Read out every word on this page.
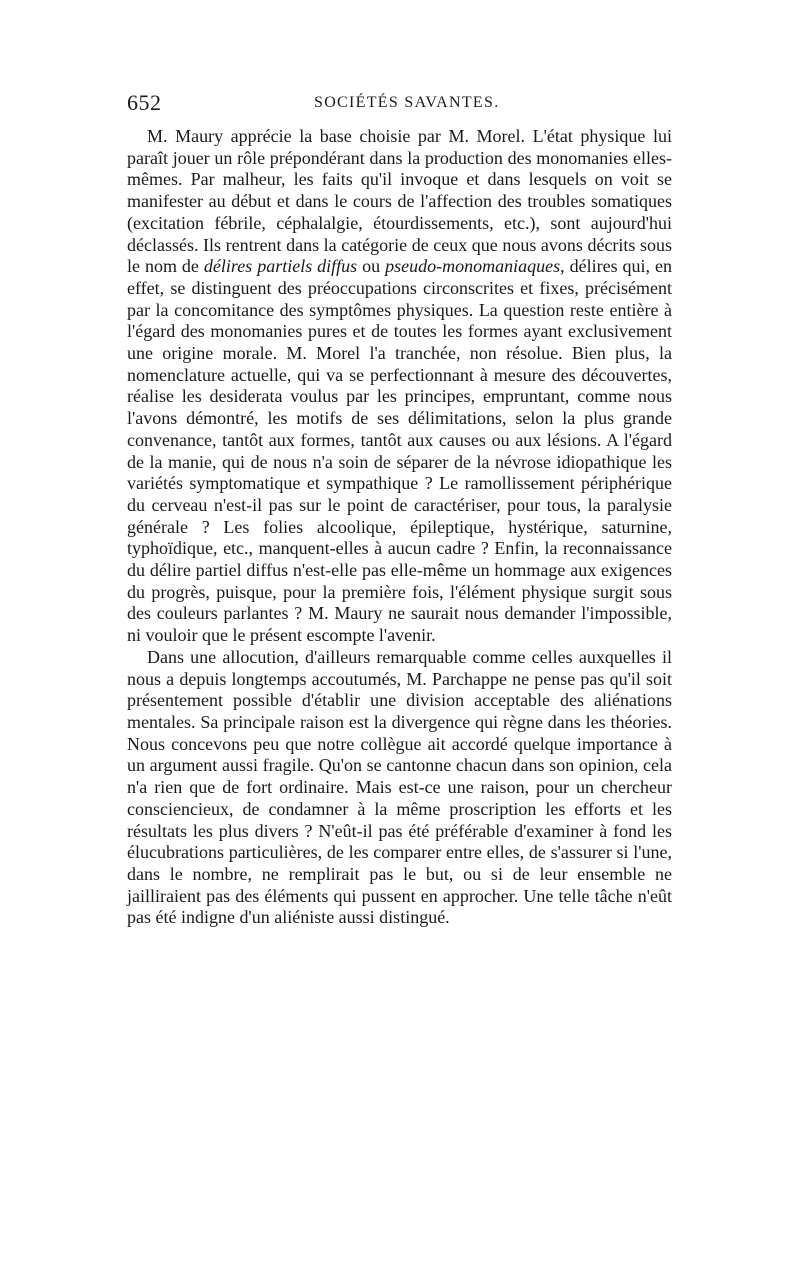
652	SOCIÉTÉS SAVANTES.

M. Maury apprécie la base choisie par M. Morel. L'état physique lui paraît jouer un rôle prépondérant dans la production des monomanies elles-mêmes. Par malheur, les faits qu'il invoque et dans lesquels on voit se manifester au début et dans le cours de l'affection des troubles somatiques (excitation fébrile, céphalalgie, étourdissements, etc.), sont aujourd'hui déclassés. Ils rentrent dans la catégorie de ceux que nous avons décrits sous le nom de délires partiels diffus ou pseudo-monomaniaques, délires qui, en effet, se distinguent des préoccupations circonscrites et fixes, précisément par la concomitance des symptômes physiques. La question reste entière à l'égard des monomanies pures et de toutes les formes ayant exclusivement une origine morale. M. Morel l'a tranchée, non résolue. Bien plus, la nomenclature actuelle, qui va se perfectionnant à mesure des découvertes, réalise les desiderata voulus par les principes, empruntant, comme nous l'avons démontré, les motifs de ses délimitations, selon la plus grande convenance, tantôt aux formes, tantôt aux causes ou aux lésions. A l'égard de la manie, qui de nous n'a soin de séparer de la névrose idiopathique les variétés symptomatique et sympathique ? Le ramollissement périphérique du cerveau n'est-il pas sur le point de caractériser, pour tous, la paralysie générale ? Les folies alcoolique, épileptique, hystérique, saturnine, typhoïdique, etc., manquent-elles à aucun cadre ? Enfin, la reconnaissance du délire partiel diffus n'est-elle pas elle-même un hommage aux exigences du progrès, puisque, pour la première fois, l'élément physique surgit sous des couleurs parlantes ? M. Maury ne saurait nous demander l'impossible, ni vouloir que le présent escompte l'avenir.

Dans une allocution, d'ailleurs remarquable comme celles auxquelles il nous a depuis longtemps accoutumés, M. Parchappe ne pense pas qu'il soit présentement possible d'établir une division acceptable des aliénations mentales. Sa principale raison est la divergence qui règne dans les théories. Nous concevons peu que notre collègue ait accordé quelque importance à un argument aussi fragile. Qu'on se cantonne chacun dans son opinion, cela n'a rien que de fort ordinaire. Mais est-ce une raison, pour un chercheur consciencieux, de condamner à la même proscription les efforts et les résultats les plus divers ? N'eût-il pas été préférable d'examiner à fond les élucubrations particulières, de les comparer entre elles, de s'assurer si l'une, dans le nombre, ne remplirait pas le but, ou si de leur ensemble ne jailliraient pas des éléments qui pussent en approcher. Une telle tâche n'eût pas été indigne d'un aliéniste aussi distingué.
